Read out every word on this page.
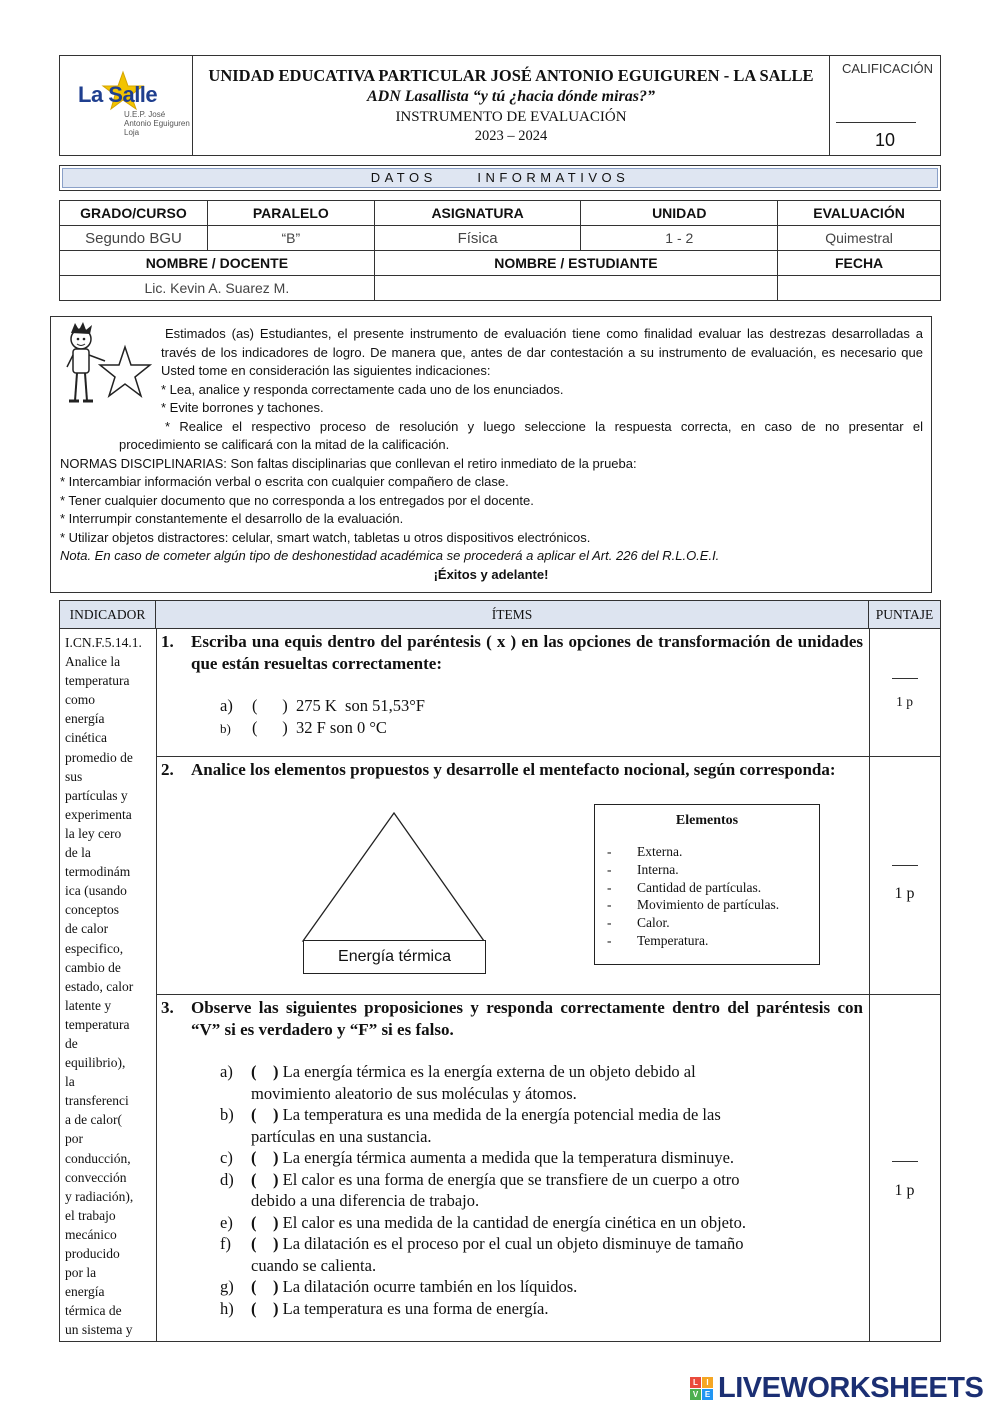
La Salle
U.E.P. José
Antonio Eguiguren
Loja
UNIDAD EDUCATIVA PARTICULAR JOSÉ ANTONIO EGUIGUREN - LA SALLE
ADN Lasallista “y tú ¿hacia dónde miras?”
INSTRUMENTO DE EVALUACIÓN
2023 – 2024
CALIFICACIÓN
10
DATOS     INFORMATIVOS
GRADO/CURSO	PARALELO	ASIGNATURA	UNIDAD	EVALUACIÓN
Segundo BGU	“B”	Física	1 - 2	Quimestral
NOMBRE / DOCENTE		NOMBRE / ESTUDIANTE		FECHA
Lic. Kevin A. Suarez M.				
Estimados (as) Estudiantes, el presente instrumento de evaluación tiene como finalidad evaluar las destrezas desarrolladas a través de los indicadores de logro. De manera que, antes de dar contestación a su instrumento de evaluación, es necesario que Usted tome en consideración las siguientes indicaciones:
* Lea, analice y responda correctamente cada uno de los enunciados.
* Evite borrones y tachones.
* Realice el respectivo proceso de resolución y luego seleccione la respuesta correcta, en caso de no presentar el
procedimiento se calificará con la mitad de la calificación.
NORMAS DISCIPLINARIAS: Son faltas disciplinarias que conllevan el retiro inmediato de la prueba:
* Intercambiar información verbal o escrita con cualquier compañero de clase.
* Tener cualquier documento que no corresponda a los entregados por el docente.
* Interrumpir constantemente el desarrollo de la evaluación.
* Utilizar objetos distractores: celular, smart watch, tabletas u otros dispositivos electrónicos.
Nota. En caso de cometer algún tipo de deshonestidad académica se procederá a aplicar el Art. 226 del R.L.O.E.I.
¡Éxitos y adelante!
INDICADOR	ÍTEMS	PUNTAJE
I.CN.F.5.14.1.
Analice la
temperatura
como
energía
cinética
promedio de
sus
partículas y
experimenta
la ley cero
de la
termodinám
ica (usando
conceptos
de calor
especifico,
cambio de
estado, calor
latente y
temperatura
de
equilibrio),
la
transferenci
a de calor(
por
conducción,
convección
y radiación),
el trabajo
mecánico
producido
por la
energía
térmica de
un sistema y
1. Escriba una equis dentro del paréntesis ( x ) en las opciones de transformación de unidades que están resueltas correctamente:
a) (      )  275 K  son 51,53°F
b) (      )  32 F son 0 °C
1 p
2. Analice los elementos propuestos y desarrolle el mentefacto nocional, según corresponda:
Energía térmica
Elementos
- Externa.
- Interna.
- Cantidad de partículas.
- Movimiento de partículas.
- Calor.
- Temperatura.
1 p
3. Observe las siguientes proposiciones y responda correctamente dentro del paréntesis con “V” si es verdadero y “F” si es falso.
a) (    ) La energía térmica es la energía externa de un objeto debido al
movimiento aleatorio de sus moléculas y átomos.
b) (    ) La temperatura es una medida de la energía potencial media de las
partículas en una sustancia.
c) (    ) La energía térmica aumenta a medida que la temperatura disminuye.
d) (    ) El calor es una forma de energía que se transfiere de un cuerpo a otro
debido a una diferencia de trabajo.
e) (    ) El calor es una medida de la cantidad de energía cinética en un objeto.
f) (    ) La dilatación es el proceso por el cual un objeto disminuye de tamaño
cuando se calienta.
g) (    ) La dilatación ocurre también en los líquidos.
h) (    ) La temperatura es una forma de energía.
1 p
L	I
V E LIVEWORKSHEETS
